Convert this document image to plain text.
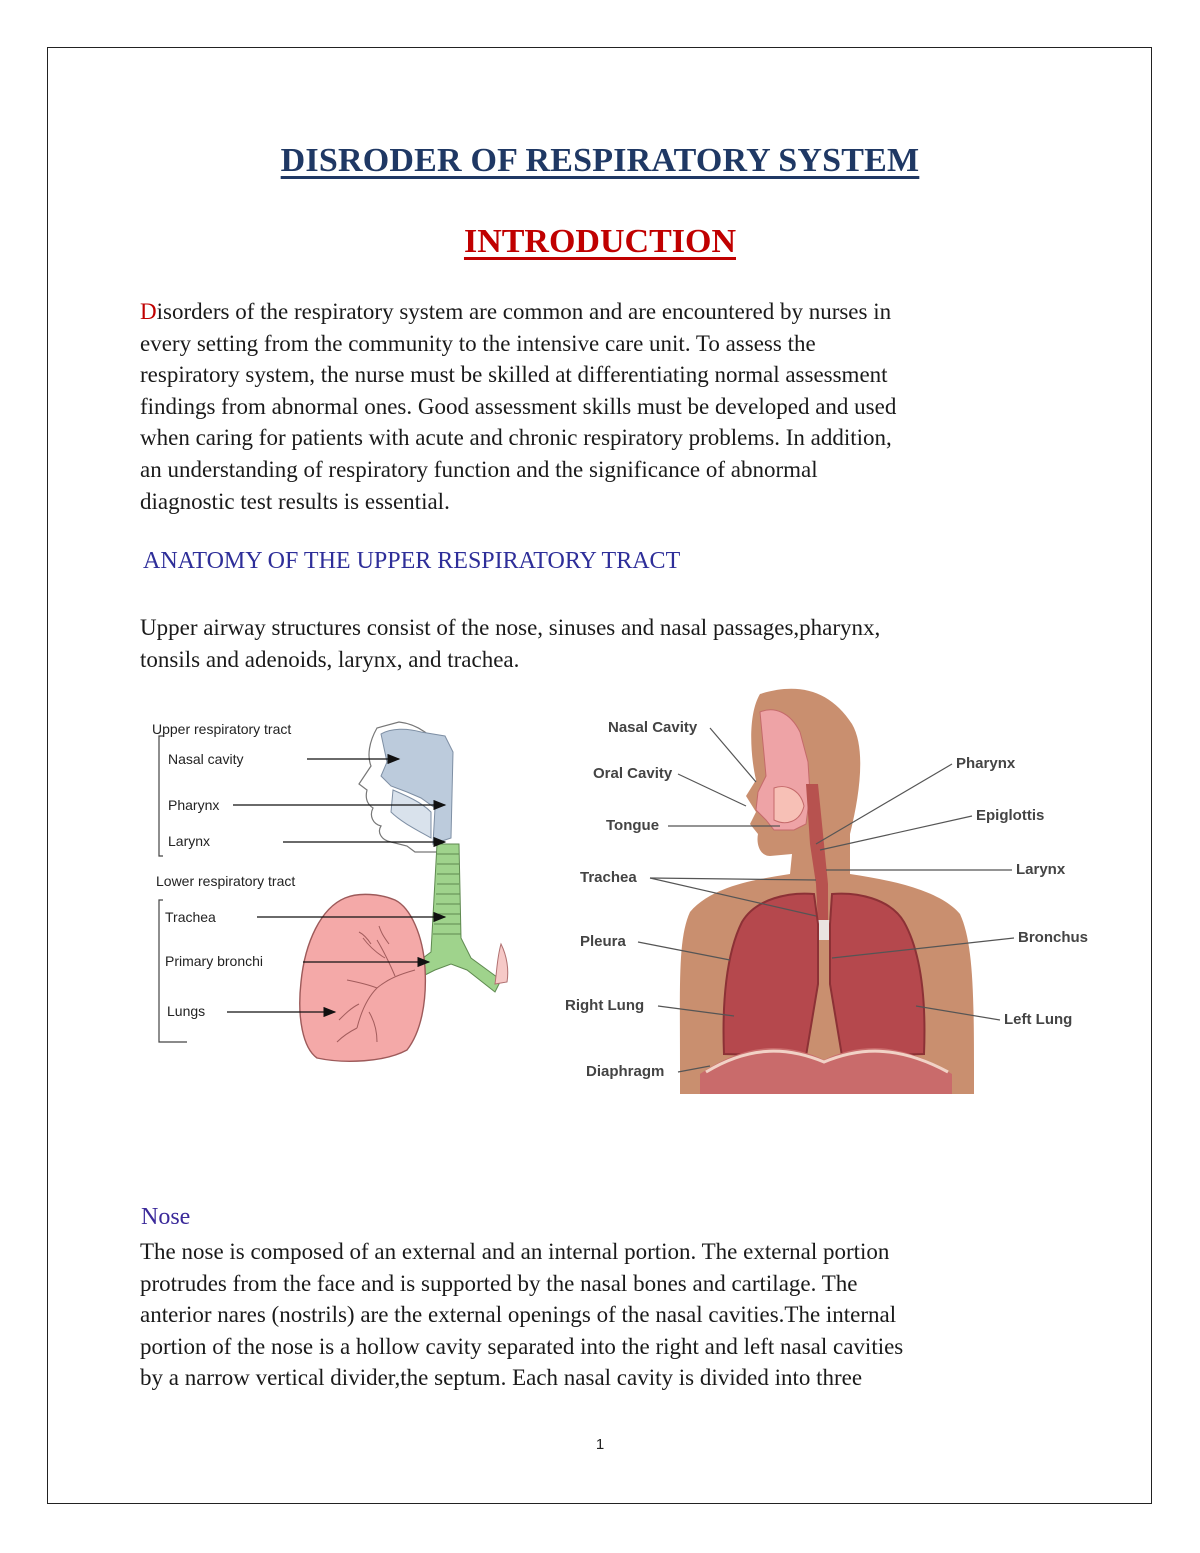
DISRODER OF RESPIRATORY SYSTEM
INTRODUCTION
Disorders of the respiratory system are common and are encountered by nurses in
every setting from the community to the intensive care unit. To assess the
respiratory system, the nurse must be skilled at differentiating normal assessment
findings from abnormal ones. Good assessment skills must be developed and used
when caring for patients with acute and chronic respiratory problems. In addition,
an understanding of respiratory function and the significance of abnormal
diagnostic test results is essential.
ANATOMY OF THE UPPER RESPIRATORY TRACT
Upper airway structures consist of the nose, sinuses and nasal passages,pharynx,
tonsils and adenoids, larynx, and trachea.
Upper respiratory tract
Nasal cavity
Pharynx
Larynx
Lower respiratory tract
Trachea
Primary bronchi
Lungs
Nasal Cavity
Oral Cavity
Tongue
Trachea
Pleura
Right Lung
Diaphragm
Pharynx
Epiglottis
Larynx
Bronchus
Left Lung
Nose
The nose is composed of an external and an internal portion. The external portion
protrudes from the face and is supported by the nasal bones and cartilage. The
anterior nares (nostrils) are the external openings of the nasal cavities.The internal
portion of the nose is a hollow cavity separated into the right and left nasal cavities
by a narrow vertical divider,the septum. Each nasal cavity is divided into three
1
